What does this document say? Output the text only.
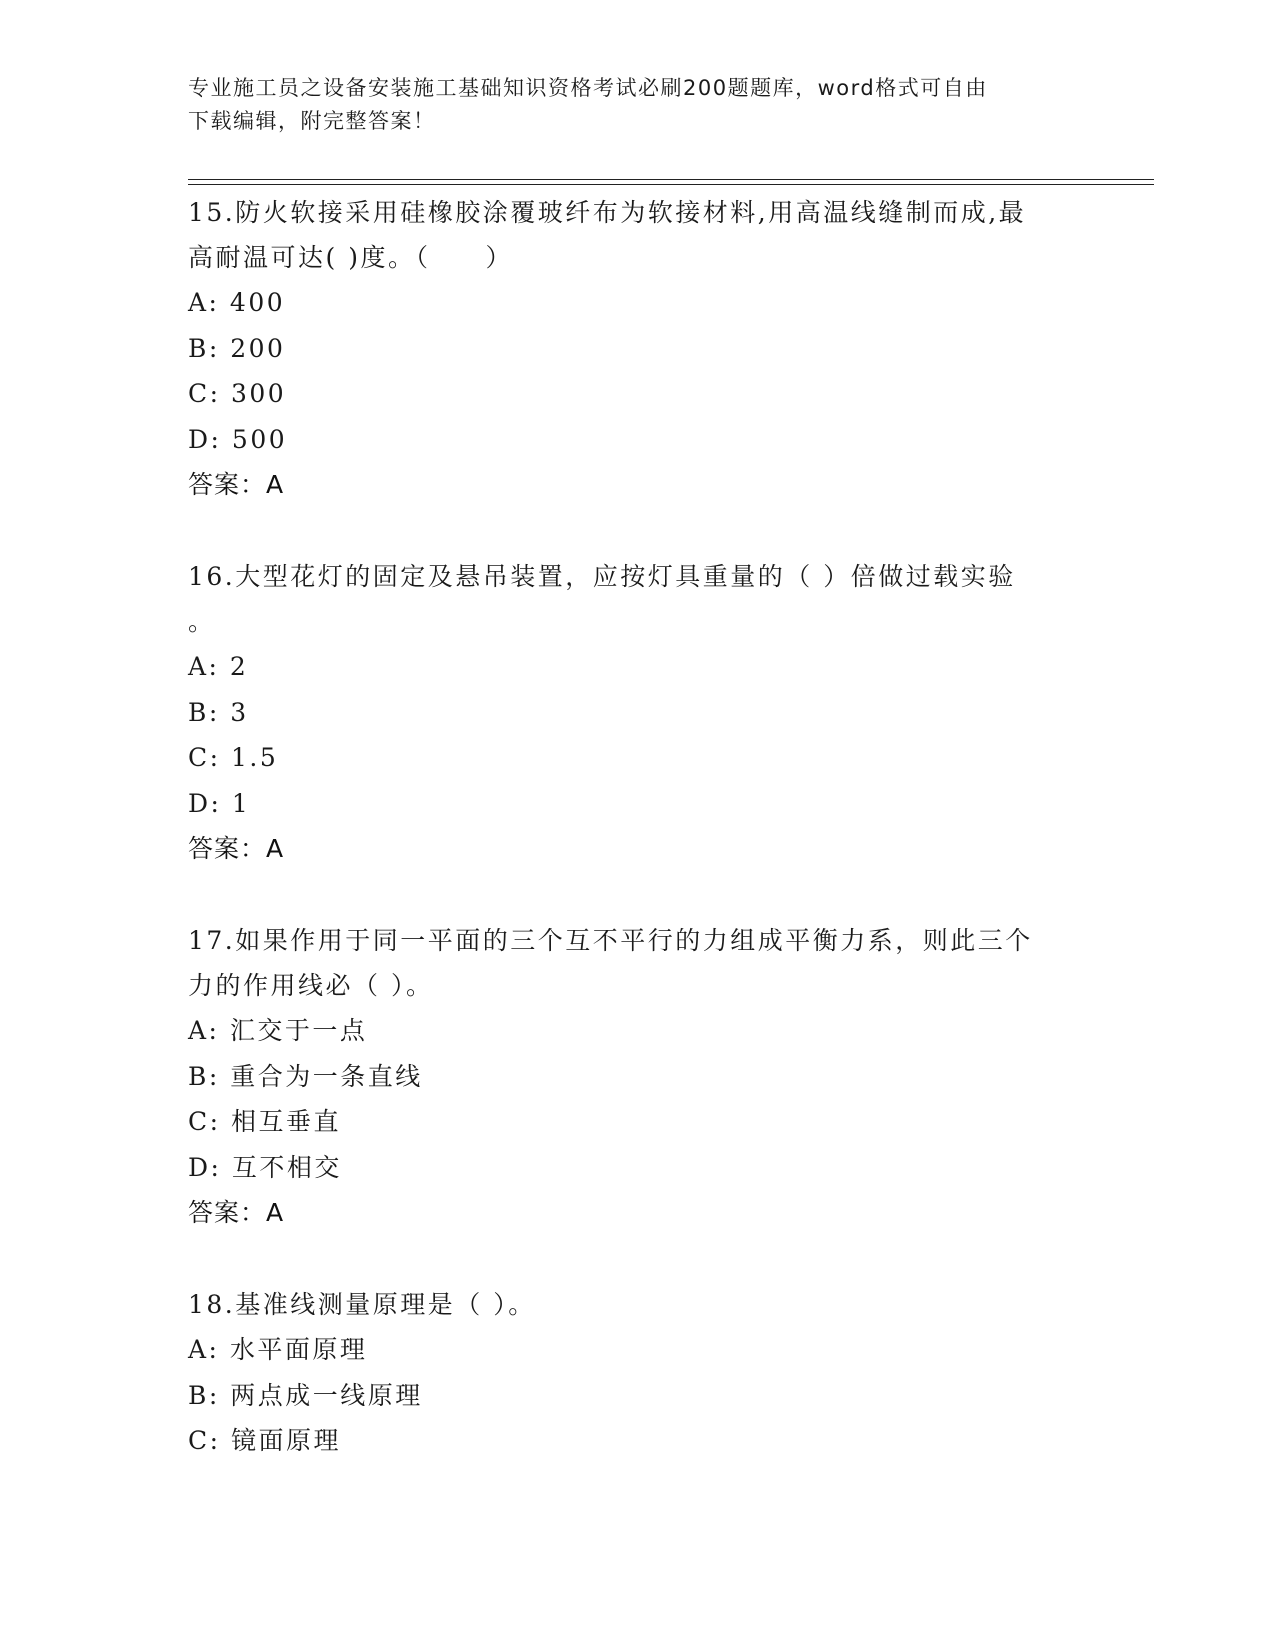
专业施工员之设备安装施工基础知识资格考试必刷200题题库，word格式可自由
下载编辑，附完整答案！
15.防火软接采用硅橡胶涂覆玻纤布为软接材料,用高温线缝制而成,最
高耐温可达( )度。（　　）
A: 400
B: 200
C: 300
D: 500
答案：A
16.大型花灯的固定及悬吊装置，应按灯具重量的（ ）倍做过载实验
。
A: 2
B: 3
C: 1.5
D: 1
答案：A
17.如果作用于同一平面的三个互不平行的力组成平衡力系，则此三个
力的作用线必（ ）。
A: 汇交于一点
B: 重合为一条直线
C: 相互垂直
D: 互不相交
答案：A
18.基准线测量原理是（ ）。
A: 水平面原理
B: 两点成一线原理
C: 镜面原理
